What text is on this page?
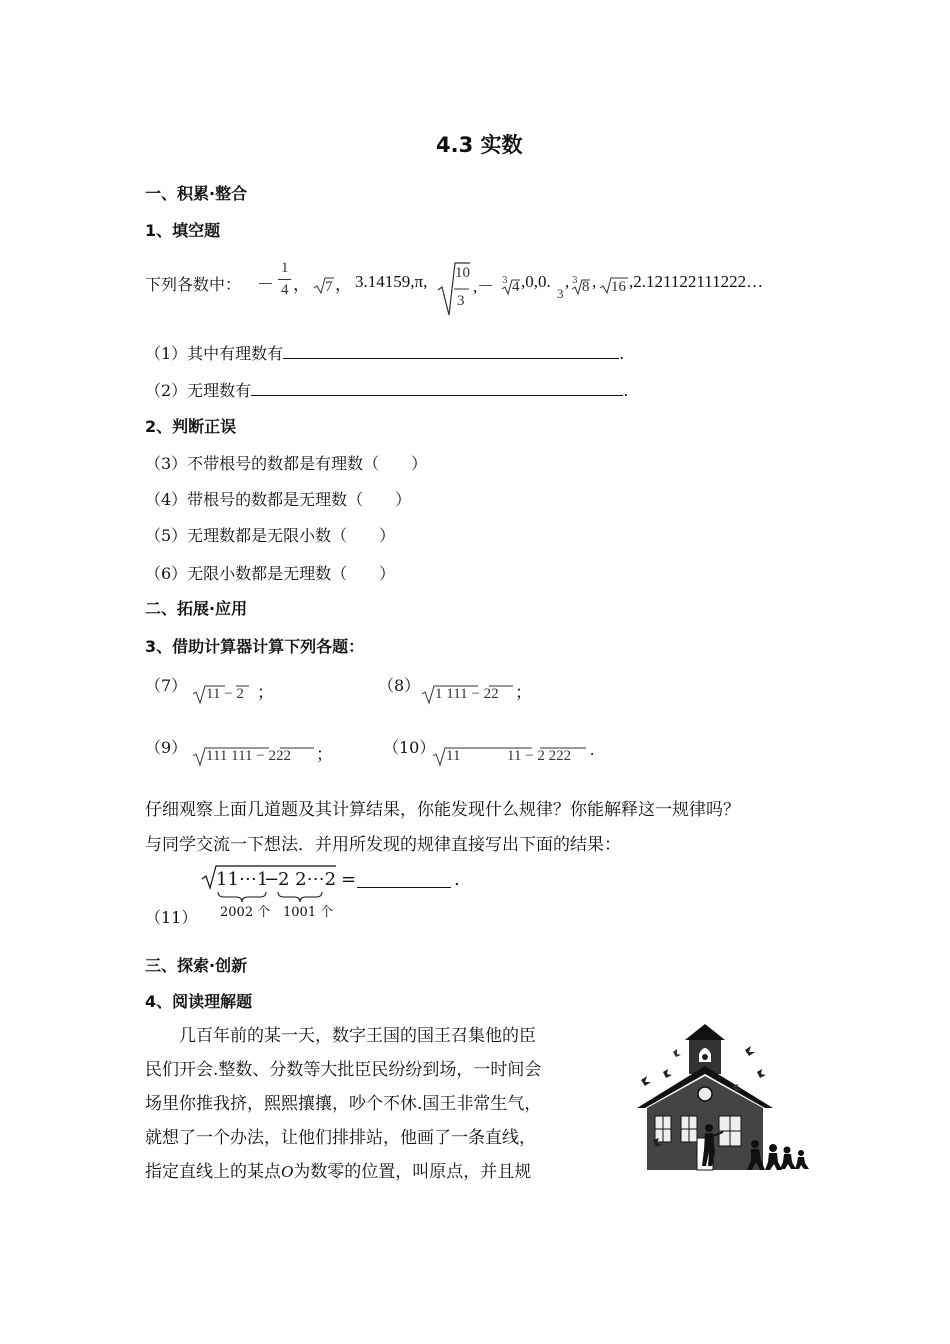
4.3 实数
一、积累·整合
1、填空题
下列各数中： －
1
4 ， 7 ， 3.14159,π, 10
3
,－ 3 4 ,0,0.
3
, 3 8 , 16 ,2.121122111222…
（1）其中有理数有	.
（2）无理数有	.
2、判断正误
（3）不带根号的数都是有理数（　　）
（4）带根号的数都是无理数（　　）
（5）无理数都是无限小数（　　）
（6）无限小数都是无理数（　　）
二、拓展·应用
3、借助计算器计算下列各题：
（7） 11 − 2 ；	（8） 1 111 − 22 ；
（9） 111 111 − 222 ；	（10） 11	11 − 2 222 .
仔细观察上面几道题及其计算结果，你能发现什么规律？你能解释这一规律吗？
与同学交流一下想法．并用所发现的规律直接写出下面的结果：
（11）
11⋯1
−
2 2⋯2 =	.
2002 个 1001 个
三、探索·创新
4、阅读理解题
几百年前的某一天，数字王国的国王召集他的臣
民们开会.整数、分数等大批臣民纷纷到场，一时间会
场里你推我挤，熙熙攘攘，吵个不休.国王非常生气，
就想了一个办法，让他们排排站，他画了一条直线，
指定直线上的某点O为数零的位置，叫原点，并且规
